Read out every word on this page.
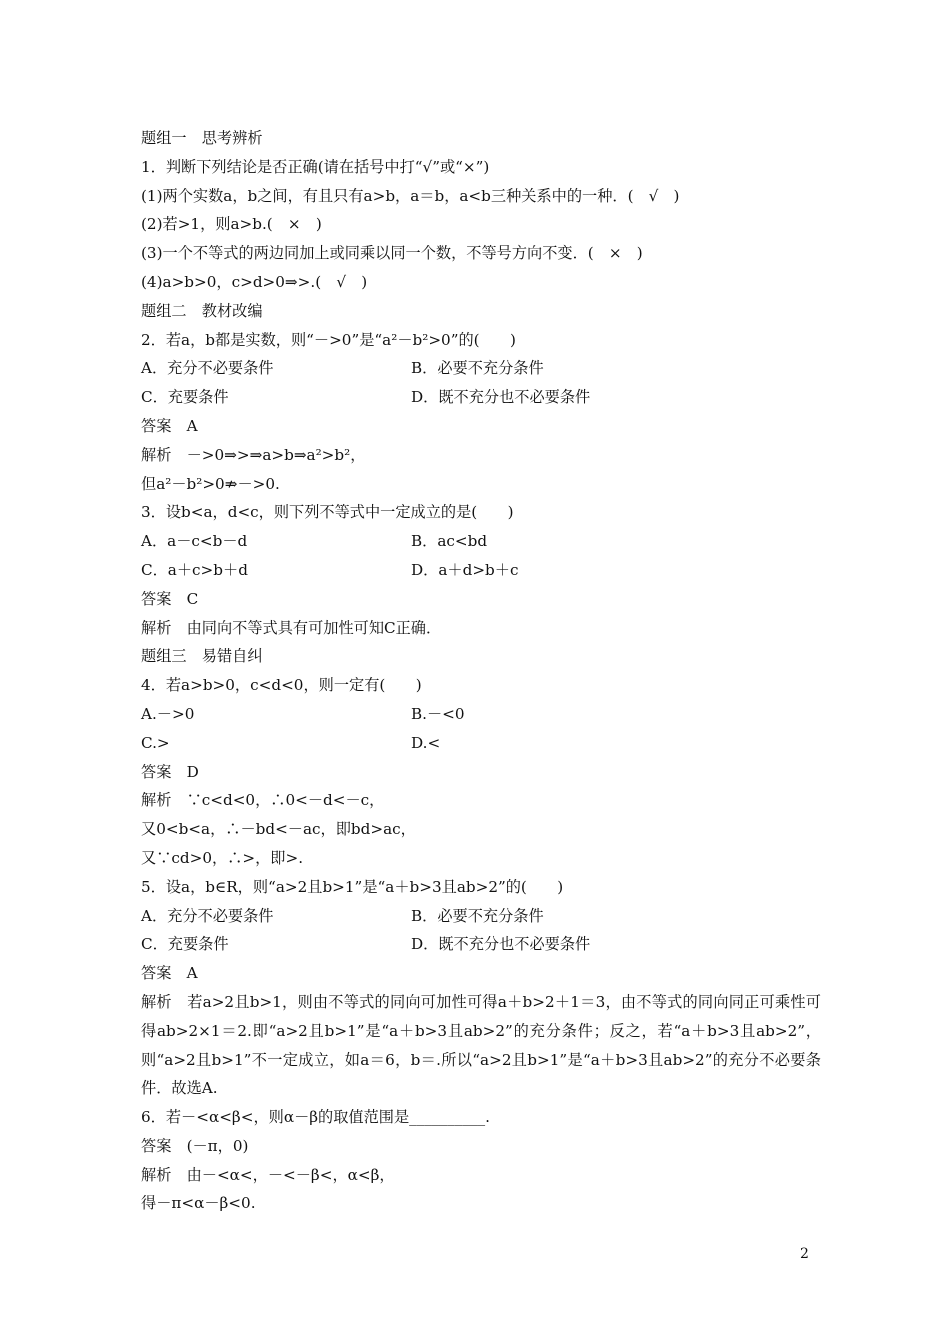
题组一　思考辨析
1．判断下列结论是否正确(请在括号中打“√”或“×”)
(1)两个实数a，b之间，有且只有a>b，a＝b，a<b三种关系中的一种．(　√　)
(2)若>1，则a>b.(　×　)
(3)一个不等式的两边同加上或同乘以同一个数，不等号方向不变．(　×　)
(4)a>b>0，c>d>0⇒>.(　√　)
题组二　教材改编
2．若a，b都是实数，则“－>0”是“a²－b²>0”的(　　)
A．充分不必要条件	B．必要不充分条件
C．充要条件	D．既不充分也不必要条件
答案　A
解析　－>0⇒>⇒a>b⇒a²>b²，
但a²－b²>0⇏－>0.
3．设b<a，d<c，则下列不等式中一定成立的是(　　)
A．a－c<b－d	B．ac<bd
C．a＋c>b＋d	D．a＋d>b＋c
答案　C
解析　由同向不等式具有可加性可知C正确．
题组三　易错自纠
4．若a>b>0，c<d<0，则一定有(　　)
A.－>0	B.－<0
C.>	D.<
答案　D
解析　∵c<d<0，∴0<－d<－c，
又0<b<a，∴－bd<－ac，即bd>ac，
又∵cd>0，∴>，即>.
5．设a，b∈R，则“a>2且b>1”是“a＋b>3且ab>2”的(　　)
A．充分不必要条件	B．必要不充分条件
C．充要条件	D．既不充分也不必要条件
答案　A
解析　若a>2且b>1，则由不等式的同向可加性可得a＋b>2＋1＝3，由不等式的同向同正可乘性可得ab>2×1＝2.即“a>2且b>1”是“a＋b>3且ab>2”的充分条件；反之，若“a＋b>3且ab>2”，则“a>2且b>1”不一定成立，如a＝6，b＝.所以“a>2且b>1”是“a＋b>3且ab>2”的充分不必要条件．故选A.
6．若－<α<β<，则α－β的取值范围是__________.
答案　(－π，0)
解析　由－<α<，－<－β<，α<β，
得－π<α－β<0.
2
